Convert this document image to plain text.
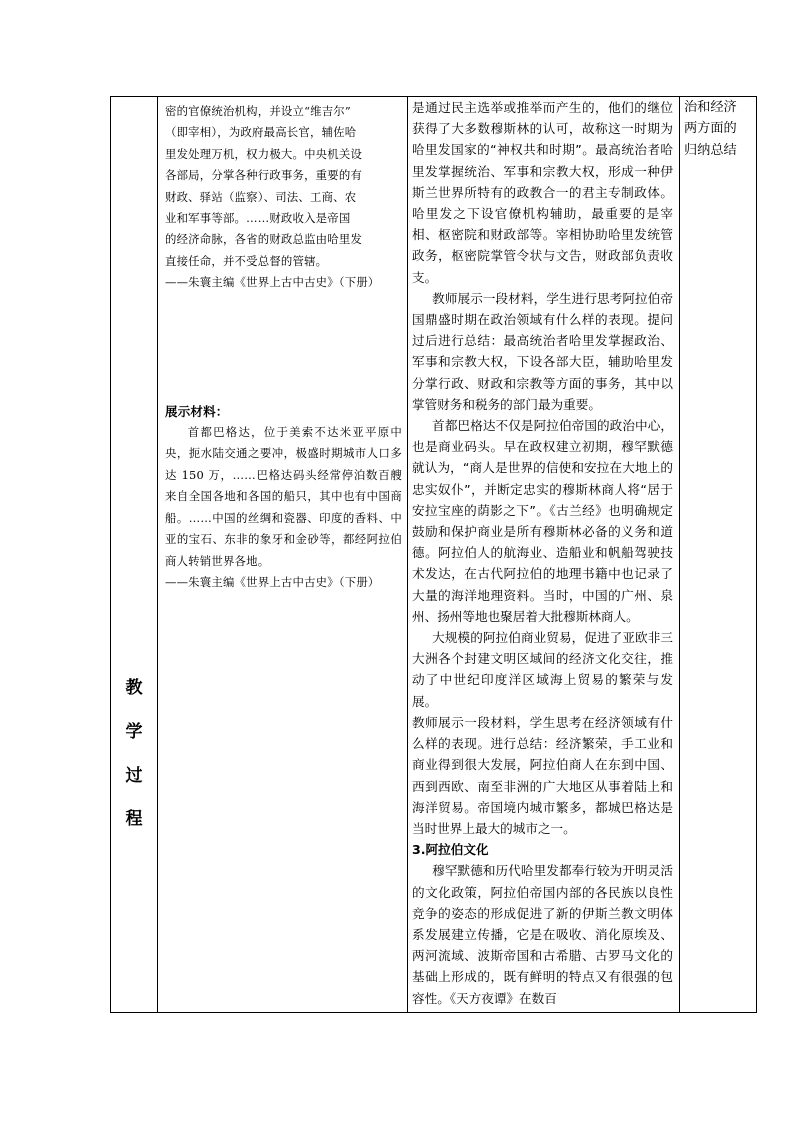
教
学
过
程

密的官僚统治机构，并设立“维吉尔”

（即宰相），为政府最高长官，辅佐哈

里发处理万机，权力极大。中央机关设

各部局，分掌各种行政事务，重要的有

财政、驿站（监察）、司法、工商、农

业和军事等部。……财政收入是帝国

的经济命脉，各省的财政总监由哈里发

直接任命，并不受总督的管辖。

——朱寰主编《世界上古中古史》（下册）

展示材料：

首都巴格达，位于美索不达米亚平原中央，扼水陆交通之要冲，极盛时期城市人口多达 150 万，……巴格达码头经常停泊数百艘来自全国各地和各国的船只，其中也有中国商船。……中国的丝绸和瓷器、印度的香料、中亚的宝石、东非的象牙和金砂等，都经阿拉伯商人转销世界各地。

——朱寰主编《世界上古中古史》（下册）

是通过民主选举或推举而产生的，他们的继位获得了大多数穆斯林的认可，故称这一时期为哈里发国家的“神权共和时期”。最高统治者哈里发掌握统治、军事和宗教大权，形成一种伊斯兰世界所特有的政教合一的君主专制政体。哈里发之下设官僚机构辅助，最重要的是宰相、枢密院和财政部等。宰相协助哈里发统管政务，枢密院掌管令状与文告，财政部负责收支。

教师展示一段材料，学生进行思考阿拉伯帝国鼎盛时期在政治领域有什么样的表现。提问过后进行总结：最高统治者哈里发掌握政治、军事和宗教大权，下设各部大臣，辅助哈里发分掌行政、财政和宗教等方面的事务，其中以掌管财务和税务的部门最为重要。

首都巴格达不仅是阿拉伯帝国的政治中心，也是商业码头。早在政权建立初期，穆罕默德就认为，“商人是世界的信使和安拉在大地上的忠实奴仆”，并断定忠实的穆斯林商人将“居于安拉宝座的荫影之下”。《古兰经》也明确规定鼓励和保护商业是所有穆斯林必备的义务和道德。阿拉伯人的航海业、造船业和帆船驾驶技术发达，在古代阿拉伯的地理书籍中也记录了大量的海洋地理资料。当时，中国的广州、泉州、扬州等地也聚居着大批穆斯林商人。

大规模的阿拉伯商业贸易，促进了亚欧非三大洲各个封建文明区域间的经济文化交往，推动了中世纪印度洋区域海上贸易的繁荣与发展。

教师展示一段材料，学生思考在经济领域有什么样的表现。进行总结：经济繁荣，手工业和商业得到很大发展，阿拉伯商人在东到中国、西到西欧、南至非洲的广大地区从事着陆上和海洋贸易。帝国境内城市繁多，都城巴格达是当时世界上最大的城市之一。

3.阿拉伯文化

穆罕默德和历代哈里发都奉行较为开明灵活的文化政策，阿拉伯帝国内部的各民族以良性竞争的姿态的形成促进了新的伊斯兰教文明体系发展建立传播，它是在吸收、消化原埃及、两河流域、波斯帝国和古希腊、古罗马文化的基础上形成的，既有鲜明的特点又有很强的包容性。《天方夜谭》在数百

治和经济

两方面的

归纳总结
